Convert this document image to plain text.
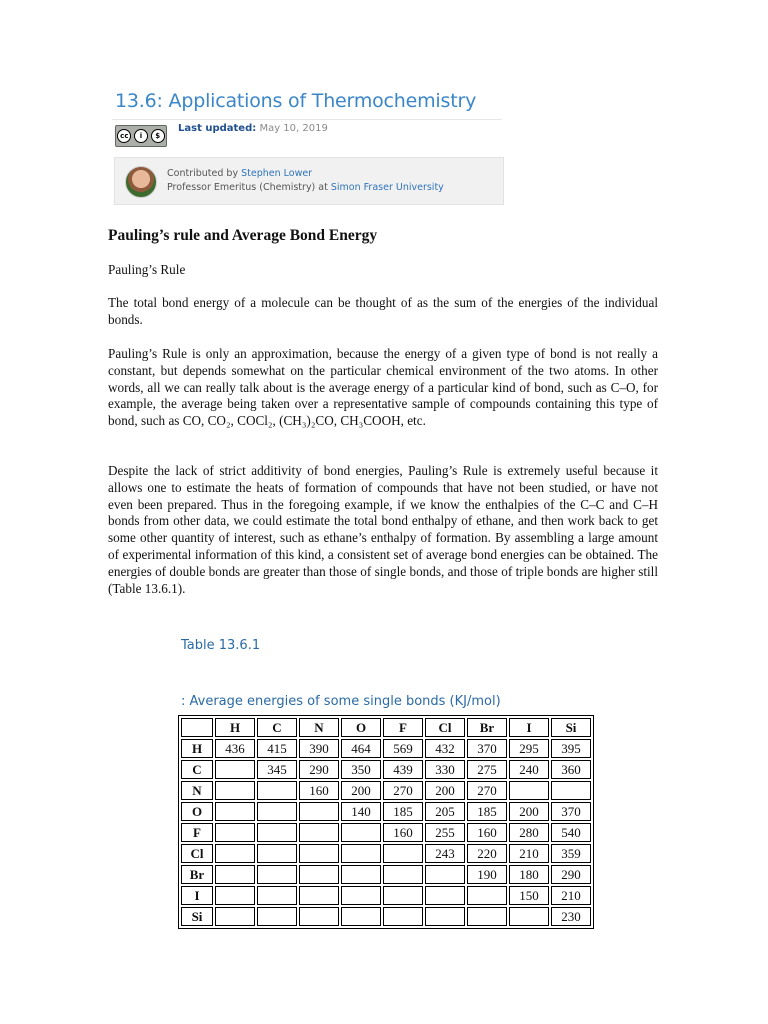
13.6: Applications of Thermochemistry
cc	i	$
Last updated: May 10, 2019
Contributed by Stephen Lower
Professor Emeritus (Chemistry) at Simon Fraser University
Pauling’s rule and Average Bond Energy
Pauling’s Rule
The total bond energy of a molecule can be thought of as the sum of the energies of the individual bonds.
Pauling’s Rule is only an approximation, because the energy of a given type of bond is not really a constant, but depends somewhat on the particular chemical environment of the two atoms. In other words, all we can really talk about is the average energy of a particular kind of bond, such as C–O, for example, the average being taken over a representative sample of compounds containing this type of bond, such as CO, CO₂, COCl₂, (CH₃)₂CO, CH₃COOH, etc.
Despite the lack of strict additivity of bond energies, Pauling’s Rule is extremely useful because it allows one to estimate the heats of formation of compounds that have not been studied, or have not even been prepared. Thus in the foregoing example, if we know the enthalpies of the C–C and C–H bonds from other data, we could estimate the total bond enthalpy of ethane, and then work back to get some other quantity of interest, such as ethane’s enthalpy of formation. By assembling a large amount of experimental information of this kind, a consistent set of average bond energies can be obtained. The energies of double bonds are greater than those of single bonds, and those of triple bonds are higher still (Table 13.6.1).
Table 13.6.1
: Average energies of some single bonds (KJ/mol)
	H	C	N	O	F	Cl	Br	I	Si
H	436	415	390	464	569	432	370	295	395
C		345	290	350	439	330	275	240	360
N			160	200	270	200	270		
O				140	185	205	185	200	370
F					160	255	160	280	540
Cl						243	220	210	359
Br							190	180	290
I								150	210
Si									230
